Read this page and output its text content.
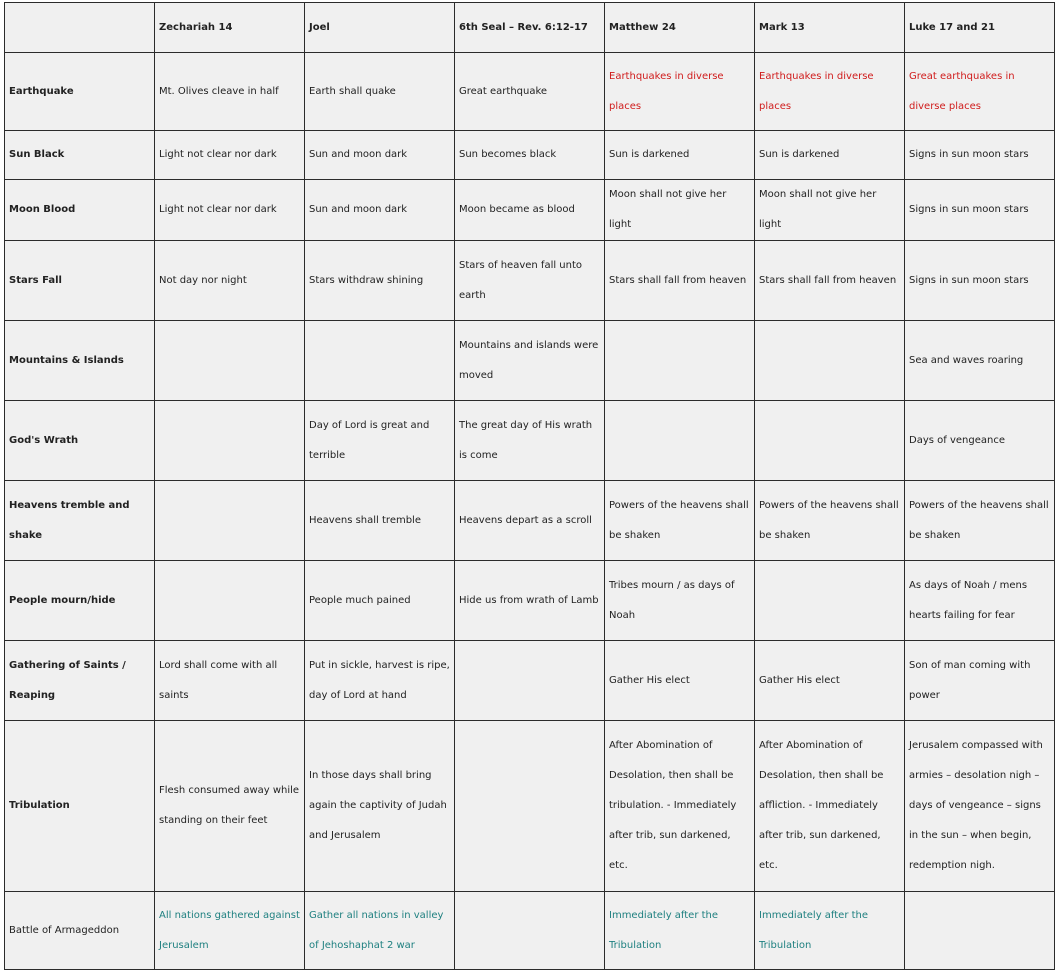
	Zechariah 14	Joel	6th Seal – Rev. 6:12-17	Matthew 24	Mark 13	Luke 17 and 21
Earthquake	Mt. Olives cleave in half	Earth shall quake	Great earthquake	Earthquakes in diverse places	Earthquakes in diverse places	Great earthquakes in diverse places
Sun Black	Light not clear nor dark	Sun and moon dark	Sun becomes black	Sun is darkened	Sun is darkened	Signs in sun moon stars
Moon Blood	Light not clear nor dark	Sun and moon dark	Moon became as blood	Moon shall not give her light	Moon shall not give her light	Signs in sun moon stars
Stars Fall	Not day nor night	Stars withdraw shining	Stars of heaven fall unto earth	Stars shall fall from heaven	Stars shall fall from heaven	Signs in sun moon stars
Mountains & Islands			Mountains and islands were moved			Sea and waves roaring
God's Wrath		Day of Lord is great and terrible	The great day of His wrath is come			Days of vengeance
Heavens tremble and shake		Heavens shall tremble	Heavens depart as a scroll	Powers of the heavens shall be shaken	Powers of the heavens shall be shaken	Powers of the heavens shall be shaken
People mourn/hide		People much pained	Hide us from wrath of Lamb	Tribes mourn / as days of Noah		As days of Noah / mens hearts failing for fear
Gathering of Saints / Reaping	Lord shall come with all saints	Put in sickle, harvest is ripe, day of Lord at hand		Gather His elect	Gather His elect	Son of man coming with power
Tribulation	Flesh consumed away while standing on their feet	In those days shall bring again the captivity of Judah and Jerusalem		After Abomination of Desolation, then shall be tribulation. - Immediately after trib, sun darkened, etc.	After Abomination of Desolation, then shall be affliction. - Immediately after trib, sun darkened, etc.	Jerusalem compassed with armies – desolation nigh – days of vengeance – signs in the sun – when begin, redemption nigh.
Battle of Armageddon	All nations gathered against Jerusalem	Gather all nations in valley of Jehoshaphat 2 war		Immediately after the Tribulation	Immediately after the Tribulation	
